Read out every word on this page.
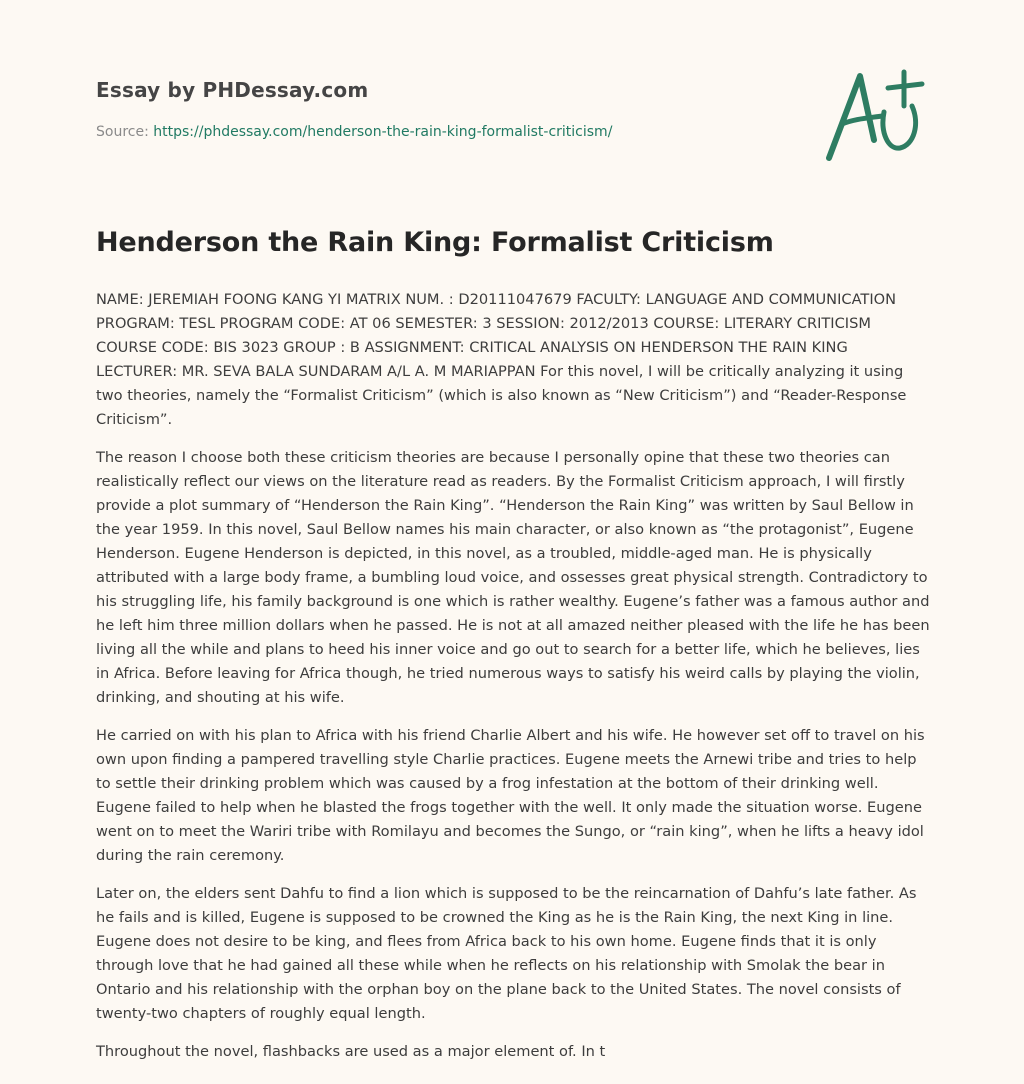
Essay by PHDessay.com
Source: https://phdessay.com/henderson-the-rain-king-formalist-criticism/
Henderson the Rain King: Formalist Criticism

NAME: JEREMIAH FOONG KANG YI MATRIX NUM. : D20111047679 FACULTY: LANGUAGE AND COMMUNICATION PROGRAM: TESL PROGRAM CODE: AT 06 SEMESTER: 3 SESSION: 2012/2013 COURSE: LITERARY CRITICISM COURSE CODE: BIS 3023 GROUP : B ASSIGNMENT: CRITICAL ANALYSIS ON HENDERSON THE RAIN KING LECTURER: MR. SEVA BALA SUNDARAM A/L A. M MARIAPPAN For this novel, I will be critically analyzing it using two theories, namely the “Formalist Criticism” (which is also known as “New Criticism”) and “Reader-Response Criticism”.

The reason I choose both these criticism theories are because I personally opine that these two theories can realistically reflect our views on the literature read as readers. By the Formalist Criticism approach, I will firstly provide a plot summary of “Henderson the Rain King”. “Henderson the Rain King” was written by Saul Bellow in the year 1959. In this novel, Saul Bellow names his main character, or also known as “the protagonist”, Eugene Henderson. Eugene Henderson is depicted, in this novel, as a troubled, middle-aged man. He is physically attributed with a large body frame, a bumbling loud voice, and ossesses great physical strength. Contradictory to his struggling life, his family background is one which is rather wealthy. Eugene’s father was a famous author and he left him three million dollars when he passed. He is not at all amazed neither pleased with the life he has been living all the while and plans to heed his inner voice and go out to search for a better life, which he believes, lies in Africa. Before leaving for Africa though, he tried numerous ways to satisfy his weird calls by playing the violin, drinking, and shouting at his wife.

He carried on with his plan to Africa with his friend Charlie Albert and his wife. He however set off to travel on his own upon finding a pampered travelling style Charlie practices. Eugene meets the Arnewi tribe and tries to help to settle their drinking problem which was caused by a frog infestation at the bottom of their drinking well. Eugene failed to help when he blasted the frogs together with the well. It only made the situation worse. Eugene went on to meet the Wariri tribe with Romilayu and becomes the Sungo, or “rain king”, when he lifts a heavy idol during the rain ceremony.

Later on, the elders sent Dahfu to find a lion which is supposed to be the reincarnation of Dahfu’s late father. As he fails and is killed, Eugene is supposed to be crowned the King as he is the Rain King, the next King in line. Eugene does not desire to be king, and flees from Africa back to his own home. Eugene finds that it is only through love that he had gained all these while when he reflects on his relationship with Smolak the bear in Ontario and his relationship with the orphan boy on the plane back to the United States. The novel consists of twenty-two chapters of roughly equal length.

Throughout the novel, flashbacks are used as a major element of. In t
